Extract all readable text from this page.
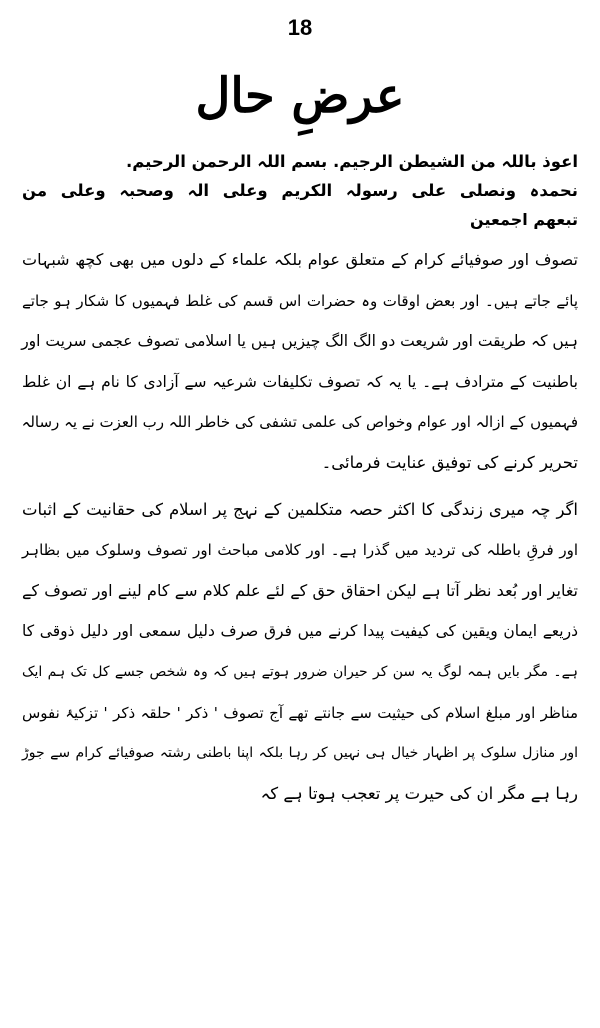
18
عرضِ حال
اعوذ باللہ من الشیطن الرجیم. بسم اللہ الرحمن الرحیم.
نحمدہ ونصلی علی رسولہ الکریم وعلی الہ وصحبہ وعلی من
تبعھم اجمعین
تصوف اور صوفیائے کرام کے متعلق عوام بلکہ علماء کے دلوں میں بھی کچھ شبہات
پائے جاتے ہیں۔ اور بعض اوقات وہ حضرات اس قسم کی غلط فہمیوں کا شکار ہو جاتے
ہیں کہ طریقت اور شریعت دو الگ الگ چیزیں ہیں یا اسلامی تصوف عجمی سریت اور
باطنیت کے مترادف ہے۔ یا یہ کہ تصوف تکلیفات شرعیہ سے آزادی کا نام ہے ان غلط
فہمیوں کے ازالہ اور عوام وخواص کی علمی تشفی کی خاطر اللہ رب العزت نے یہ رسالہ
تحریر کرنے کی توفیق عنایت فرمائی۔
اگر چہ میری زندگی کا اکثر حصہ متکلمین کے نہج پر اسلام کی حقانیت کے اثبات
اور فرقِ باطلہ کی تردید میں گذرا ہے۔ اور کلامی مباحث اور تصوف وسلوک میں بظاہر
تغایر اور بُعد نظر آتا ہے لیکن احقاق حق کے لئے علم کلام سے کام لینے اور تصوف کے
ذریعے ایمان ویقین کی کیفیت پیدا کرنے میں فرق صرف دلیل سمعی اور دلیل ذوقی کا
ہے۔ مگر بایں ہمہ لوگ یہ سن کر حیران ضرور ہوتے ہیں کہ وہ شخص جسے کل تک ہم ایک
مناظر اور مبلغ اسلام کی حیثیت سے جانتے تھے آج تصوف ' ذکر ' حلقہ ذکر ' تزکیۂ نفوس
اور منازل سلوک پر اظہار خیال ہی نہیں کر رہا بلکہ اپنا باطنی رشتہ صوفیائے کرام سے جوڑ
رہا ہے مگر ان کی حیرت پر تعجب ہوتا ہے کہ
